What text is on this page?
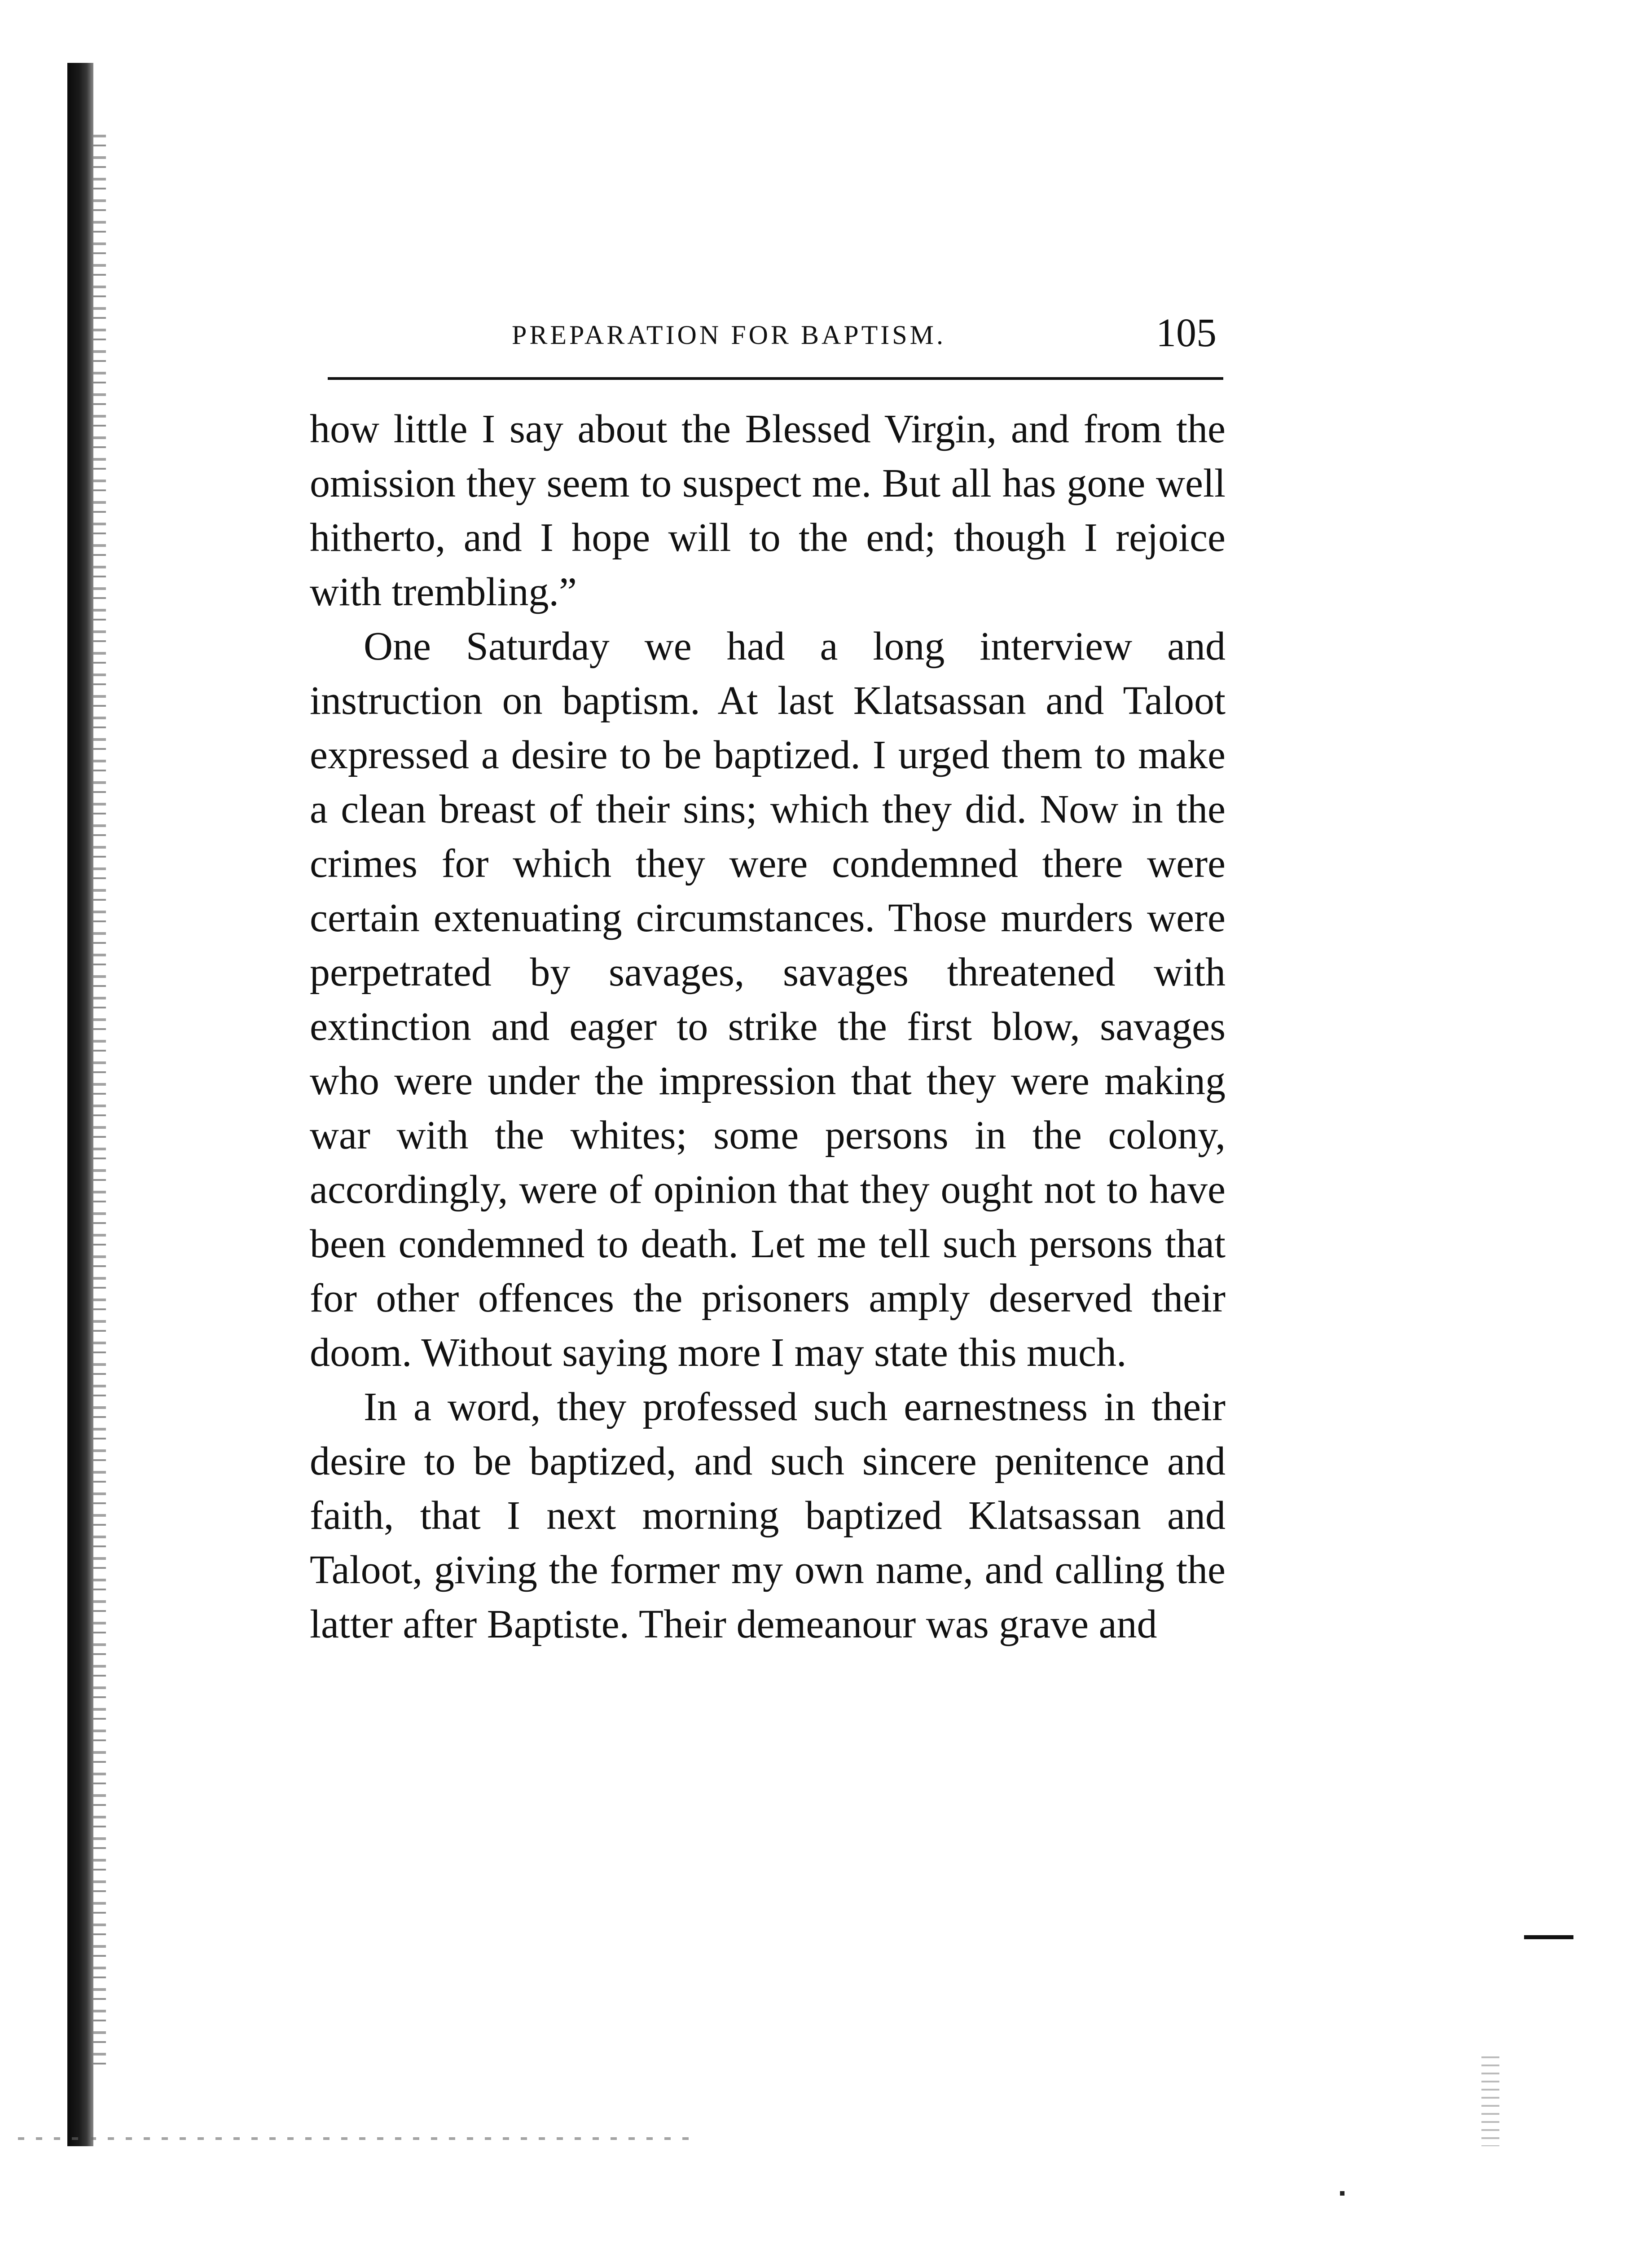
PREPARATION FOR BAPTISM.	105

how little I say about the Blessed Virgin, and from the omission they seem to suspect me. But all has gone well hitherto, and I hope will to the end; though I rejoice with trembling.”

One Saturday we had a long interview and instruction on baptism. At last Klatsassan and Taloot expressed a desire to be baptized. I urged them to make a clean breast of their sins; which they did. Now in the crimes for which they were condemned there were certain extenuating circumstances. Those murders were perpetrated by savages, savages threatened with extinction and eager to strike the first blow, savages who were under the impression that they were making war with the whites; some persons in the colony, accordingly, were of opinion that they ought not to have been condemned to death. Let me tell such persons that for other offences the prisoners amply deserved their doom. Without saying more I may state this much.

In a word, they professed such earnestness in their desire to be baptized, and such sincere penitence and faith, that I next morning baptized Klatsassan and Taloot, giving the former my own name, and calling the latter after Baptiste. Their demeanour was grave and
